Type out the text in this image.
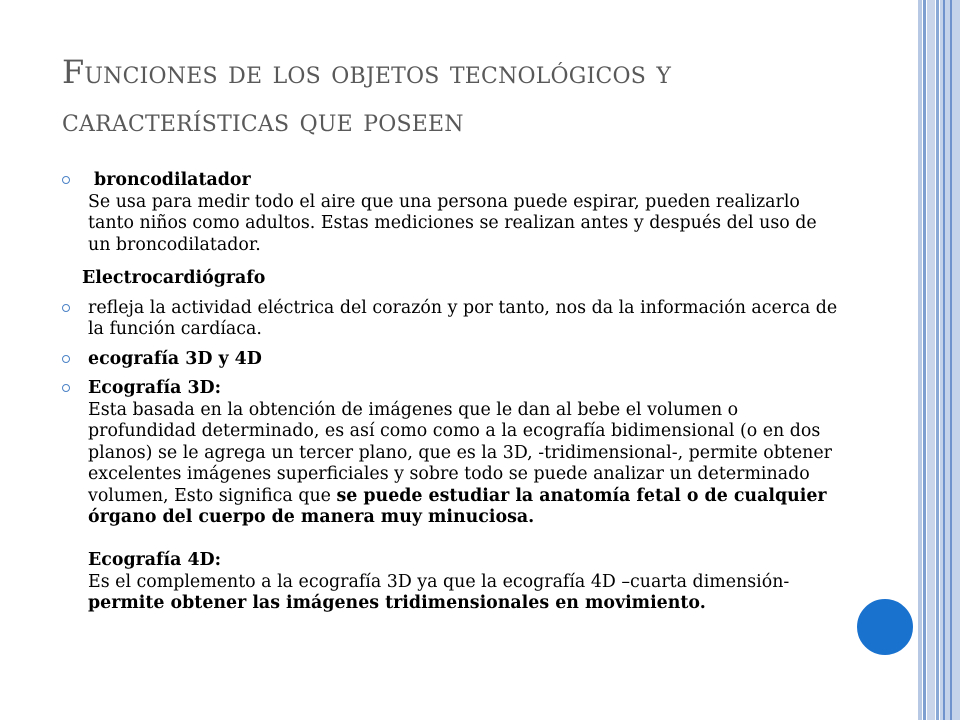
Funciones de los objetos tecnológicos y
características que poseen
broncodilatador
Se usa para medir todo el aire que una persona puede espirar, pueden realizarlo tanto niños como adultos. Estas mediciones se realizan antes y después del uso de un broncodilatador.
Electrocardiógrafo
refleja la actividad eléctrica del corazón y por tanto, nos da la información acerca de la función cardíaca.
ecografía 3D y 4D
Ecografía 3D:
Esta basada en la obtención de imágenes que le dan al bebe el volumen o profundidad determinado, es así como como a la ecografía bidimensional (o en dos planos) se le agrega un tercer plano, que es la 3D, -tridimensional-, permite obtener excelentes imágenes superficiales y sobre todo se puede analizar un determinado volumen, Esto significa que se puede estudiar la anatomía fetal o de cualquier órgano del cuerpo de manera muy minuciosa.
Ecografía 4D:
Es el complemento a la ecografía 3D ya que la ecografía 4D –cuarta dimensión- permite obtener las imágenes tridimensionales en movimiento.
